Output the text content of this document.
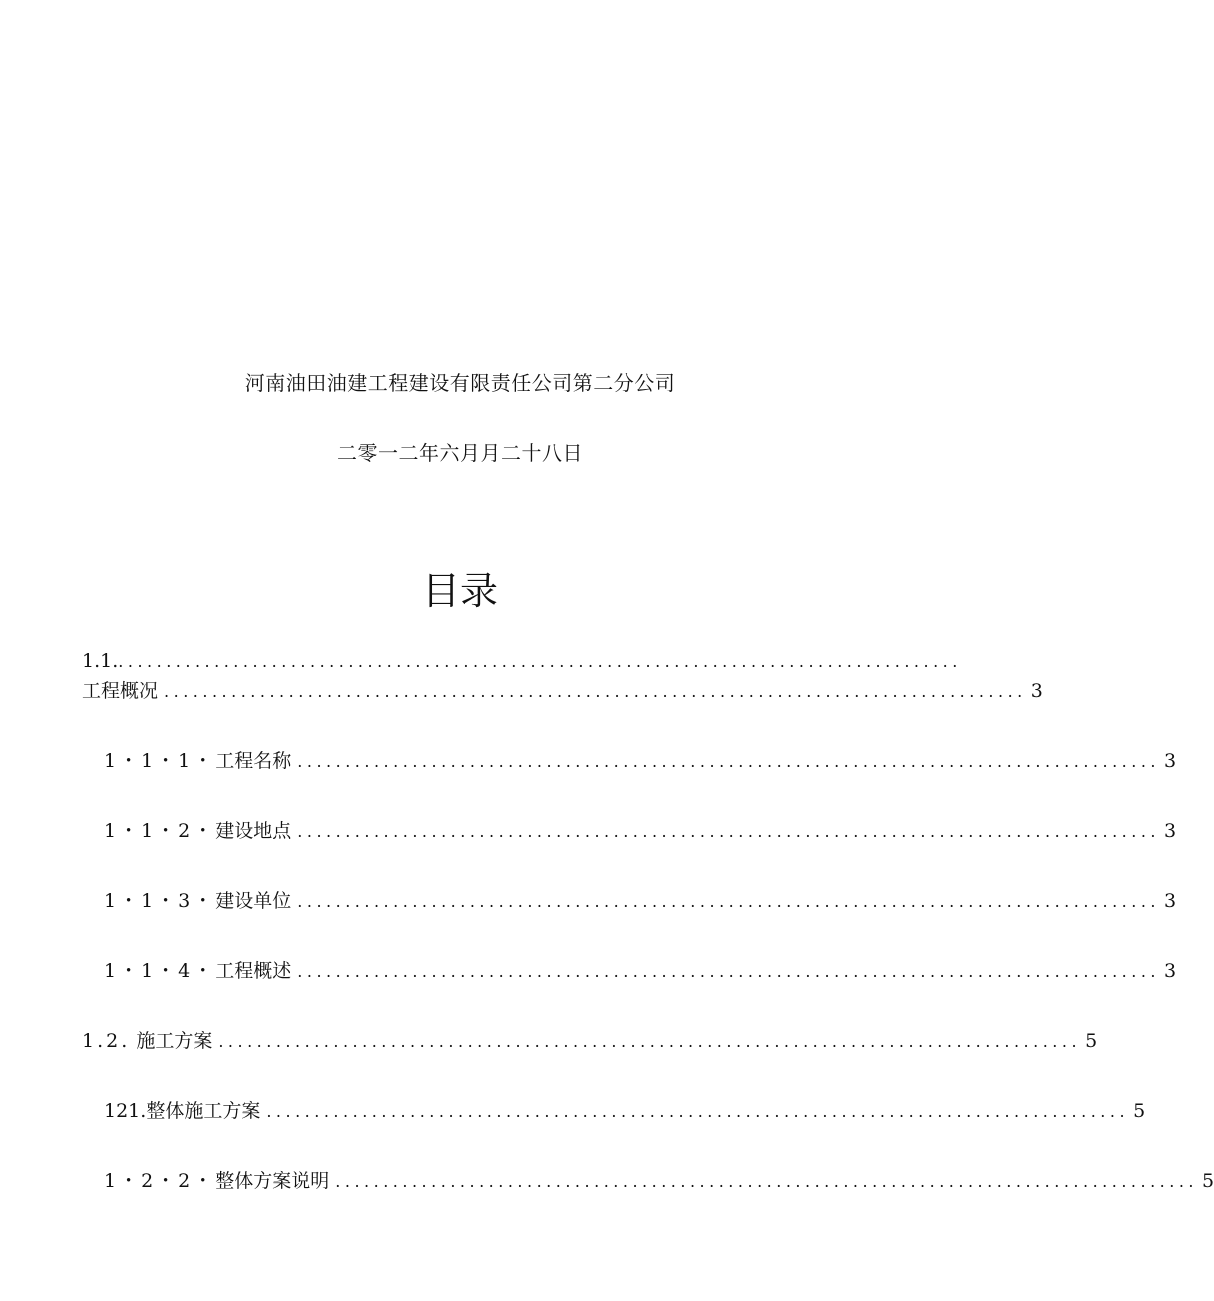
河南油田油建工程建设有限责任公司第二分公司
二零一二年六月月二十八日
目录
1.1.........................................................................................
工程概况 .......................................................................................... 3
1・1・1・工程名称 .......................................................................................... 3
1・1・2・建设地点 .......................................................................................... 3
1・1・3・建设单位 .......................................................................................... 3
1・1・4・工程概述 .......................................................................................... 3
1.2. 施工方案 .......................................................................................... 5
121.整体施工方案 .......................................................................................... 5
1・2・2・整体方案说明 .......................................................................................... 5
